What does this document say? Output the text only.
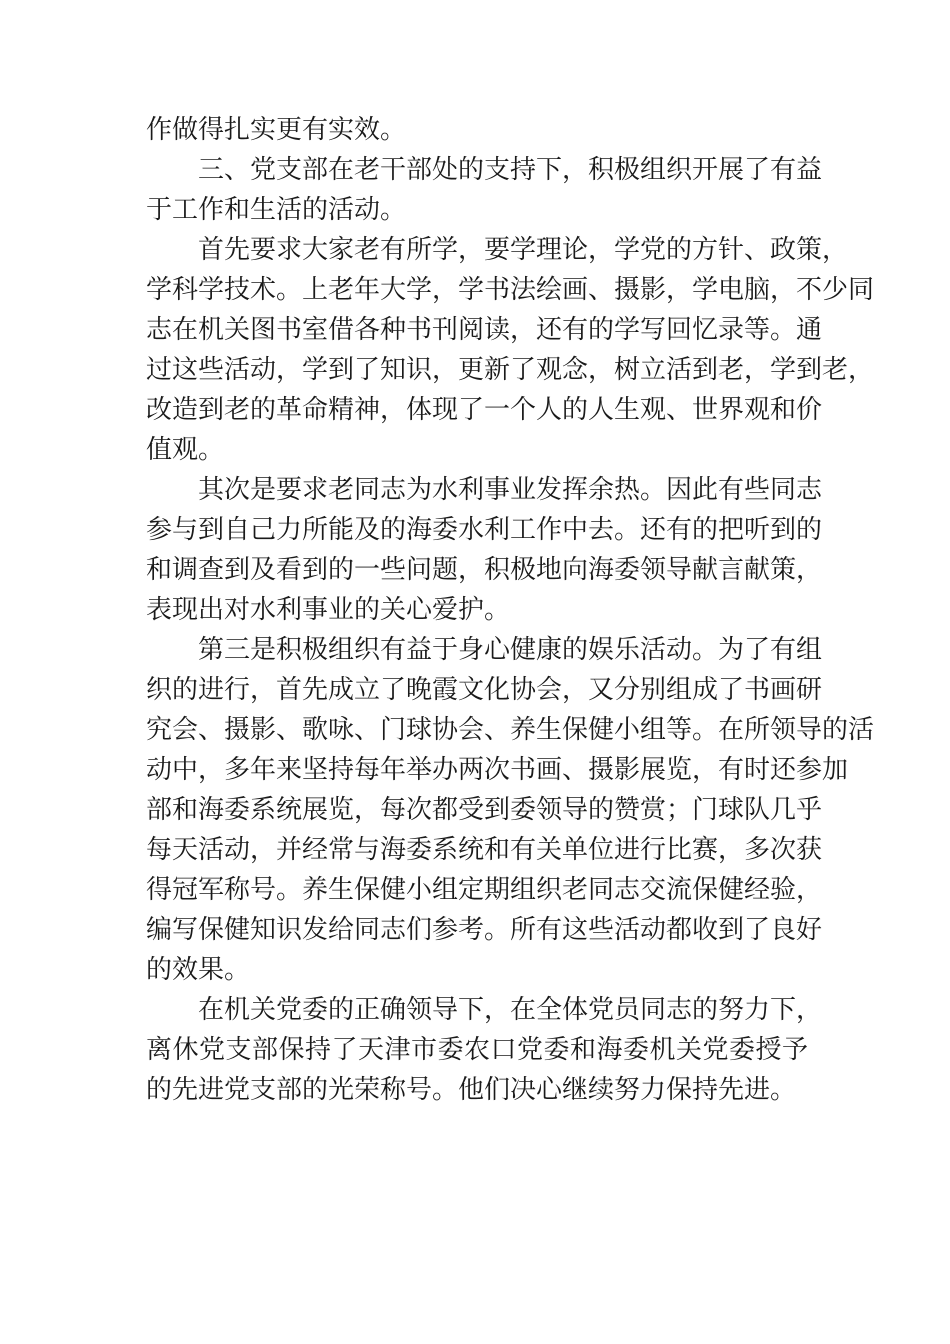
作做得扎实更有实效。
三、党支部在老干部处的支持下，积极组织开展了有益
于工作和生活的活动。
首先要求大家老有所学，要学理论，学党的方针、政策，
学科学技术。上老年大学，学书法绘画、摄影，学电脑，不少同
志在机关图书室借各种书刊阅读，还有的学写回忆录等。通
过这些活动，学到了知识，更新了观念，树立活到老，学到老，
改造到老的革命精神，体现了一个人的人生观、世界观和价
值观。
其次是要求老同志为水利事业发挥余热。因此有些同志
参与到自己力所能及的海委水利工作中去。还有的把听到的
和调查到及看到的一些问题，积极地向海委领导献言献策，
表现出对水利事业的关心爱护。
第三是积极组织有益于身心健康的娱乐活动。为了有组
织的进行，首先成立了晚霞文化协会，又分别组成了书画研
究会、摄影、歌咏、门球协会、养生保健小组等。在所领导的活
动中，多年来坚持每年举办两次书画、摄影展览，有时还参加
部和海委系统展览，每次都受到委领导的赞赏；门球队几乎
每天活动，并经常与海委系统和有关单位进行比赛，多次获
得冠军称号。养生保健小组定期组织老同志交流保健经验，
编写保健知识发给同志们参考。所有这些活动都收到了良好
的效果。
在机关党委的正确领导下，在全体党员同志的努力下，
离休党支部保持了天津市委农口党委和海委机关党委授予
的先进党支部的光荣称号。他们决心继续努力保持先进。
